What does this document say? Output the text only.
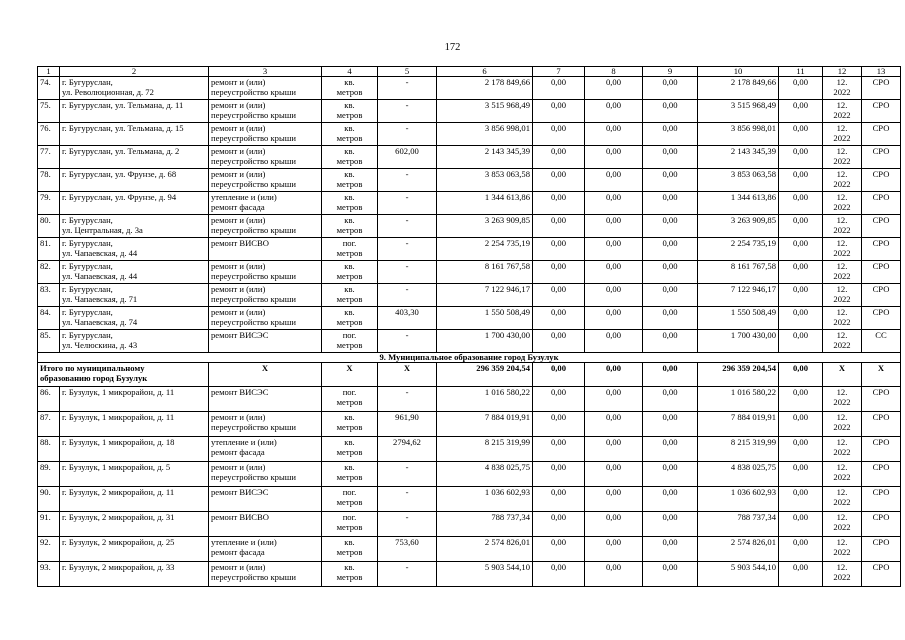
172
1	2	3	4	5	6	7	8	9	10	11	12	13
74.	г. Бугуруслан,
ул. Революционная, д. 72	ремонт и (или)
переустройство крыши	кв.
метров	-	2 178 849,66	0,00	0,00	0,00	2 178 849,66	0,00	12.
2022	СРО
75.	г. Бугуруслан, ул. Тельмана, д. 11	ремонт и (или)
переустройство крыши	кв.
метров	-	3 515 968,49	0,00	0,00	0,00	3 515 968,49	0,00	12.
2022	СРО
76.	г. Бугуруслан, ул. Тельмана, д. 15	ремонт и (или)
переустройство крыши	кв.
метров	-	3 856 998,01	0,00	0,00	0,00	3 856 998,01	0,00	12.
2022	СРО
77.	г. Бугуруслан, ул. Тельмана, д. 2	ремонт и (или)
переустройство крыши	кв.
метров	602,00	2 143 345,39	0,00	0,00	0,00	2 143 345,39	0,00	12.
2022	СРО
78.	г. Бугуруслан, ул. Фрунзе, д. 68	ремонт и (или)
переустройство крыши	кв.
метров	-	3 853 063,58	0,00	0,00	0,00	3 853 063,58	0,00	12.
2022	СРО
79.	г. Бугуруслан, ул. Фрунзе, д. 94	утепление и (или)
ремонт фасада	кв.
метров	-	1 344 613,86	0,00	0,00	0,00	1 344 613,86	0,00	12.
2022	СРО
80.	г. Бугуруслан,
ул. Центральная, д. 3а	ремонт и (или)
переустройство крыши	кв.
метров	-	3 263 909,85	0,00	0,00	0,00	3 263 909,85	0,00	12.
2022	СРО
81.	г. Бугуруслан,
ул. Чапаевская, д. 44	ремонт ВИСВО	пог.
метров	-	2 254 735,19	0,00	0,00	0,00	2 254 735,19	0,00	12.
2022	СРО
82.	г. Бугуруслан,
ул. Чапаевская, д. 44	ремонт и (или)
переустройство крыши	кв.
метров	-	8 161 767,58	0,00	0,00	0,00	8 161 767,58	0,00	12.
2022	СРО
83.	г. Бугуруслан,
ул. Чапаевская, д. 71	ремонт и (или)
переустройство крыши	кв.
метров	-	7 122 946,17	0,00	0,00	0,00	7 122 946,17	0,00	12.
2022	СРО
84.	г. Бугуруслан,
ул. Чапаевская, д. 74	ремонт и (или)
переустройство крыши	кв.
метров	403,30	1 550 508,49	0,00	0,00	0,00	1 550 508,49	0,00	12.
2022	СРО
85.	г. Бугуруслан,
ул. Челюскина, д. 43	ремонт ВИСЭС	пог.
метров	-	1 700 430,00	0,00	0,00	0,00	1 700 430,00	0,00	12.
2022	СС
9. Муниципальное образование город Бузулук												
Итого по муниципальному
образованию город Бузулук		X	X	X	296 359 204,54	0,00	0,00	0,00	296 359 204,54	0,00	X	X
86.	г. Бузулук, 1 микрорайон, д. 11	ремонт ВИСЭС	пог.
метров	-	1 016 580,22	0,00	0,00	0,00	1 016 580,22	0,00	12.
2022	СРО
87.	г. Бузулук, 1 микрорайон, д. 11	ремонт и (или)
переустройство крыши	кв.
метров	961,90	7 884 019,91	0,00	0,00	0,00	7 884 019,91	0,00	12.
2022	СРО
88.	г. Бузулук, 1 микрорайон, д. 18	утепление и (или)
ремонт фасада	кв.
метров	2794,62	8 215 319,99	0,00	0,00	0,00	8 215 319,99	0,00	12.
2022	СРО
89.	г. Бузулук, 1 микрорайон, д. 5	ремонт и (или)
переустройство крыши	кв.
метров	-	4 838 025,75	0,00	0,00	0,00	4 838 025,75	0,00	12.
2022	СРО
90.	г. Бузулук, 2 микрорайон, д. 11	ремонт ВИСЭС	пог.
метров	-	1 036 602,93	0,00	0,00	0,00	1 036 602,93	0,00	12.
2022	СРО
91.	г. Бузулук, 2 микрорайон, д. 31	ремонт ВИСВО	пог.
метров	-	788 737,34	0,00	0,00	0,00	788 737,34	0,00	12.
2022	СРО
92.	г. Бузулук, 2 микрорайон, д. 25	утепление и (или)
ремонт фасада	кв.
метров	753,60	2 574 826,01	0,00	0,00	0,00	2 574 826,01	0,00	12.
2022	СРО
93.	г. Бузулук, 2 микрорайон, д. 33	ремонт и (или)
переустройство крыши	кв.
метров	-	5 903 544,10	0,00	0,00	0,00	5 903 544,10	0,00	12.
2022	СРО
